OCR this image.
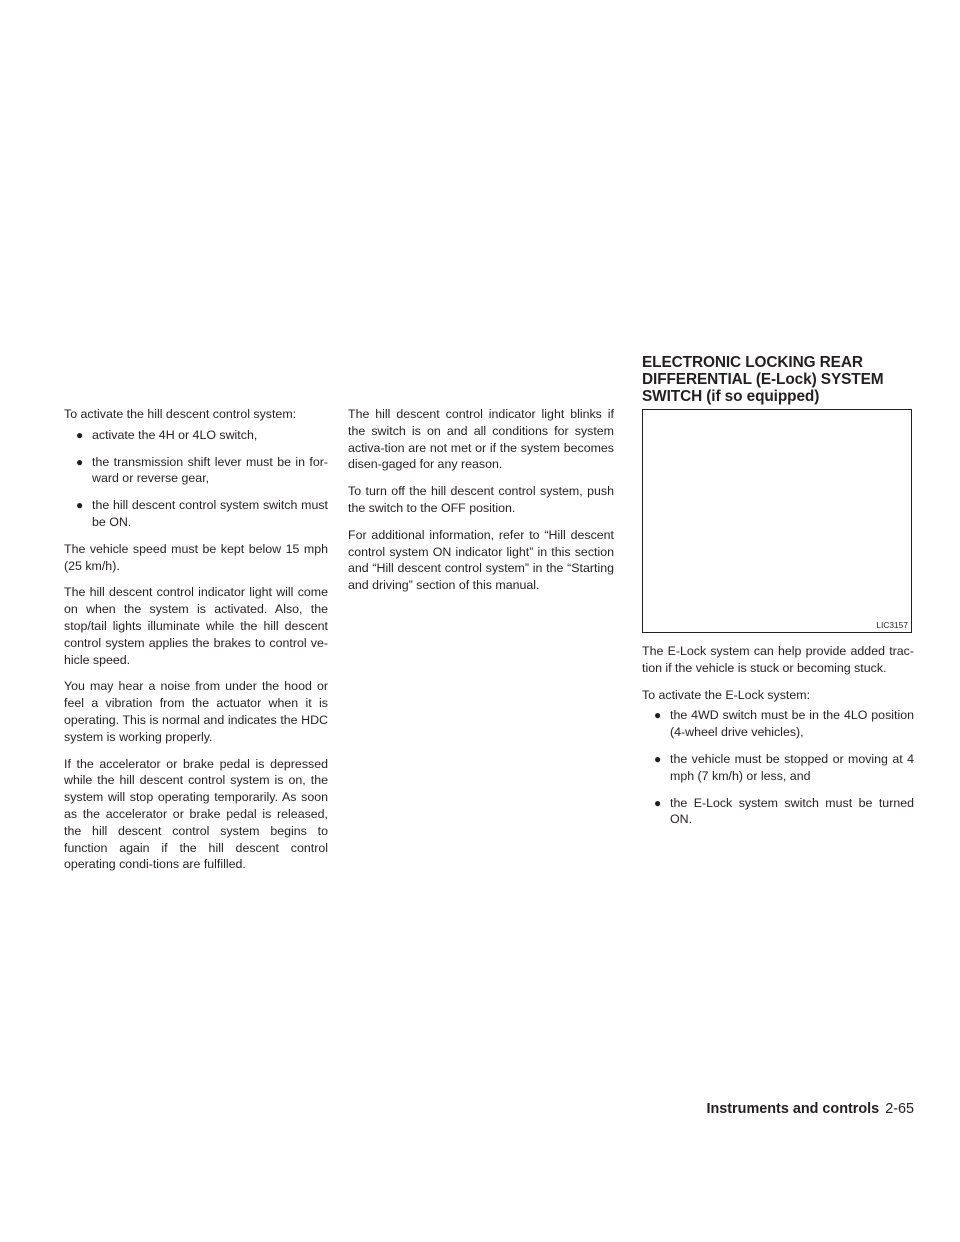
To activate the hill descent control system:

● activate the 4H or 4LO switch,
● the transmission shift lever must be in for-ward or reverse gear,
● the hill descent control system switch must be ON.

The vehicle speed must be kept below 15 mph (25 km/h).

The hill descent control indicator light will come on when the system is activated. Also, the stop/tail lights illuminate while the hill descent control system applies the brakes to control ve-hicle speed.

You may hear a noise from under the hood or feel a vibration from the actuator when it is operating. This is normal and indicates the HDC system is working properly.

If the accelerator or brake pedal is depressed while the hill descent control system is on, the system will stop operating temporarily. As soon as the accelerator or brake pedal is released, the hill descent control system begins to function again if the hill descent control operating condi-tions are fulfilled.

The hill descent control indicator light blinks if the switch is on and all conditions for system activa-tion are not met or if the system becomes disen-gaged for any reason.

To turn off the hill descent control system, push the switch to the OFF position.

For additional information, refer to “Hill descent control system ON indicator light” in this section and “Hill descent control system” in the “Starting and driving” section of this manual.

ELECTRONIC LOCKING REAR DIFFERENTIAL (E-Lock) SYSTEM SWITCH (if so equipped)
LIC3157

The E-Lock system can help provide added trac-tion if the vehicle is stuck or becoming stuck.

To activate the E-Lock system:

● the 4WD switch must be in the 4LO position (4-wheel drive vehicles),
● the vehicle must be stopped or moving at 4 mph (7 km/h) or less, and
● the E-Lock system switch must be turned ON.
Instruments and controls 2-65
